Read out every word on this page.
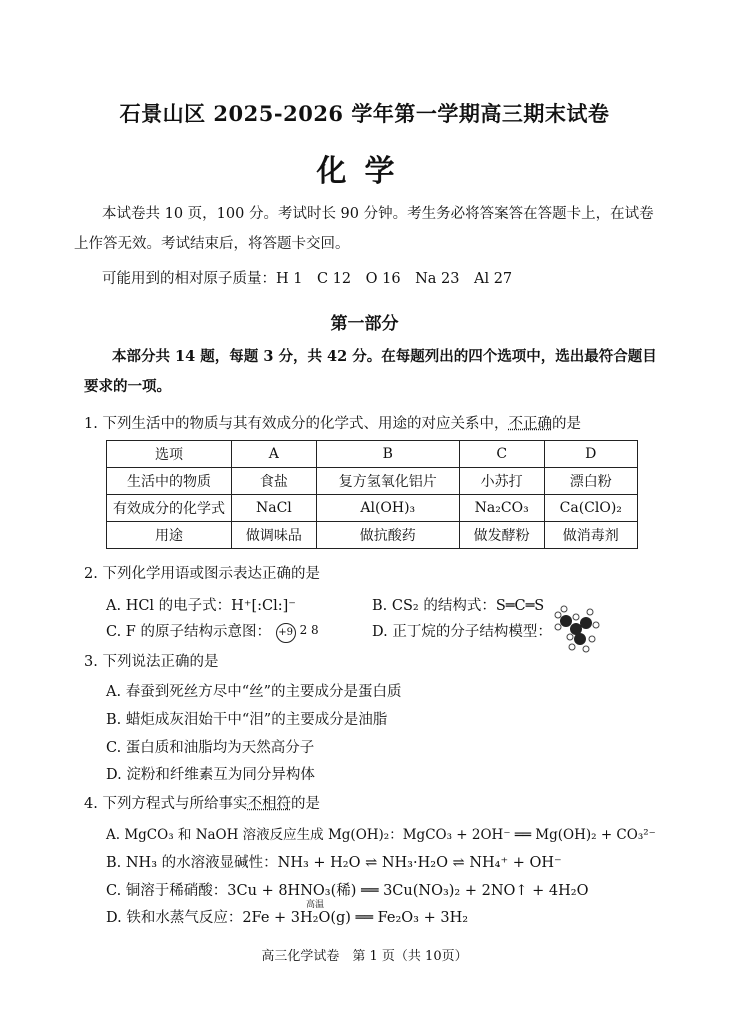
石景山区 2025-2026 学年第一学期高三期末试卷
化学
本试卷共 10 页，100 分。考试时长 90 分钟。考生务必将答案答在答题卡上，在试卷
上作答无效。考试结束后，将答题卡交回。
可能用到的相对原子质量：H 1　C 12　O 16　Na 23　Al 27
第一部分
本部分共 14 题，每题 3 分，共 42 分。在每题列出的四个选项中，选出最符合题目
要求的一项。
1. 下列生活中的物质与其有效成分的化学式、用途的对应关系中，不正确的是
选项	A	B	C	D
生活中的物质	食盐	复方氢氧化铝片	小苏打	漂白粉
有效成分的化学式	NaCl	Al(OH)₃	Na₂CO₃	Ca(ClO)₂
用途	做调味品	做抗酸药	做发酵粉	做消毒剂
2. 下列化学用语或图示表达正确的是
A. HCl 的电子式：H⁺[:Cl:]⁻	B. CS₂ 的结构式：S═C═S
C. F 的原子结构示意图： +9 2 8	D. 正丁烷的分子结构模型：
3. 下列说法正确的是
A. 春蚕到死丝方尽中“丝”的主要成分是蛋白质
B. 蜡炬成灰泪始干中“泪”的主要成分是油脂
C. 蛋白质和油脂均为天然高分子
D. 淀粉和纤维素互为同分异构体
4. 下列方程式与所给事实不相符的是
A. MgCO₃ 和 NaOH 溶液反应生成 Mg(OH)₂：MgCO₃ + 2OH⁻ ══ Mg(OH)₂ + CO₃²⁻
B. NH₃ 的水溶液显碱性：NH₃ + H₂O ⇌ NH₃·H₂O ⇌ NH₄⁺ + OH⁻
C. 铜溶于稀硝酸：3Cu + 8HNO₃(稀) ══ 3Cu(NO₃)₂ + 2NO↑ + 4H₂O
D. 铁和水蒸气反应：2Fe + 3H₂O(g) ══ Fe₂O₃ + 3H₂
高温
高三化学试卷　第 1 页（共 10页）
